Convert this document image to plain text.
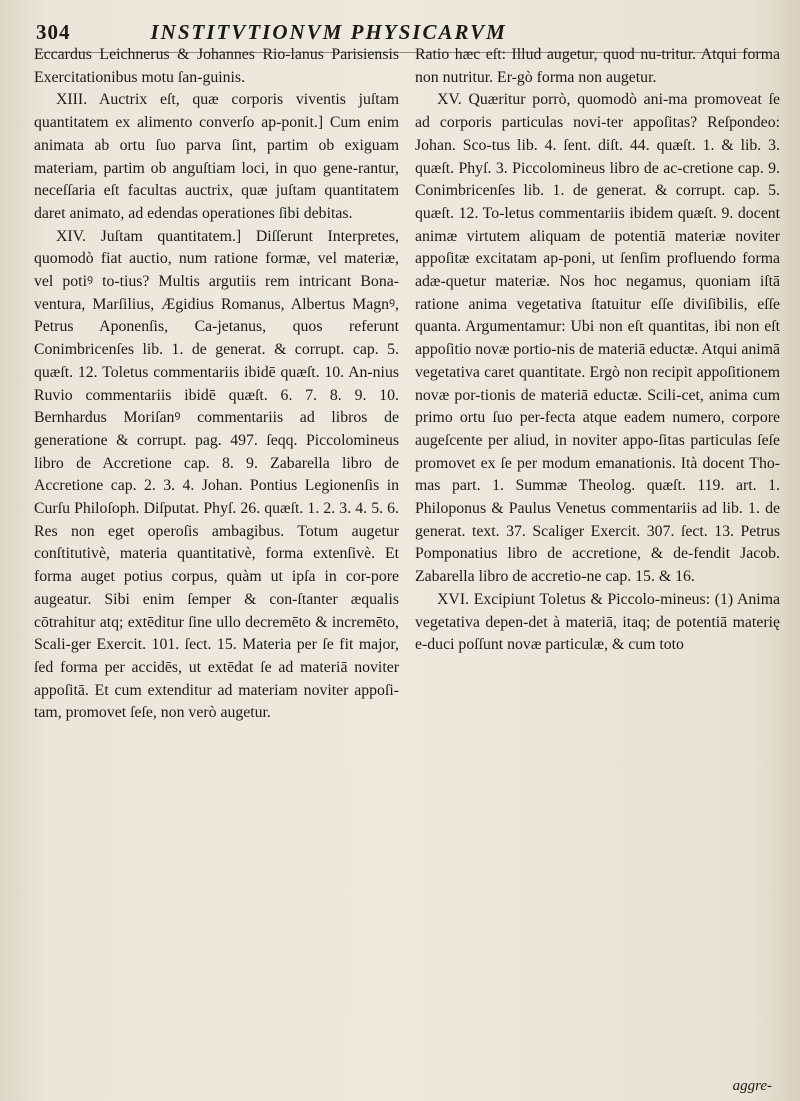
304	INSTITVTIONVM PHYSICARVM

Eccardus Leichnerus & Johannes Rio-lanus Parisiensis Exercitationibus motu ſan-guinis.

XIII. Auctrix eſt, quæ corporis viventis juſtam quantitatem ex alimento converſo ap-ponit.] Cum enim animata ab ortu ſuo parva ſint, partim ob exiguam materiam, partim ob anguſtiam loci, in quo gene-rantur, neceſſaria eſt facultas auctrix, quæ juſtam quantitatem daret animato, ad edendas operationes ſibi debitas.

XIV. Juſtam quantitatem.] Diſſerunt Interpretes, quomodò fiat auctio, num ratione formæ, vel materiæ, vel potiꝰ to-tius? Multis argutiis rem intricant Bona-ventura, Marſilius, Ægidius Romanus, Albertus Magnꝰ, Petrus Aponenſis, Ca-jetanus, quos referunt Conimbricenſes lib. 1. de generat. & corrupt. cap. 5. quæſt. 12. Toletus commentariis ibidē quæſt. 10. An-nius Ruvio commentariis ibidē quæſt. 6. 7. 8. 9. 10. Bernhardus Moriſanꝰ commentariis ad libros de generatione & corrupt. pag. 497. ſeqq. Piccolomineus libro de Accretione cap. 8. 9. Zabarella libro de Accretione cap. 2. 3. 4. Johan. Pontius Legionenſis in Curſu Philoſoph. Diſputat. Phyſ. 26. quæſt. 1. 2. 3. 4. 5. 6. Res non eget operoſis ambagibus. Totum augetur conſtitutivè, materia quantitativè, forma extenſivè. Et forma auget potius corpus, quàm ut ipſa in cor-pore augeatur. Sibi enim ſemper & con-ſtanter æqualis cōtrahitur atq; extēditur ſine ullo decremēto & incremēto, Scali-ger Exercit. 101. ſect. 15. Materia per ſe fit major, ſed forma per accidēs, ut extēdat ſe ad materiā noviter appoſitā. Et cum extenditur ad materiam noviter appoſi-tam, promovet ſeſe, non verò augetur.

Ratio hæc eſt: Illud augetur, quod nu-tritur. Atqui forma non nutritur. Er-gò forma non augetur.

XV. Quæritur porrò, quomodò ani-ma promoveat ſe ad corporis particulas novi-ter appoſitas? Reſpondeo: Johan. Sco-tus lib. 4. ſent. diſt. 44. quæſt. 1. & lib. 3. quæſt. Phyſ. 3. Piccolomineus libro de ac-cretione cap. 9. Conimbricenſes lib. 1. de generat. & corrupt. cap. 5. quæſt. 12. To-letus commentariis ibidem quæſt. 9. docent animæ virtutem aliquam de potentiā materiæ noviter appoſitæ excitatam ap-poni, ut ſenſim profluendo forma adæ-quetur materiæ. Nos hoc negamus, quoniam iſtā ratione anima vegetativa ſtatuitur eſſe diviſibilis, eſſe quanta. Argumentamur: Ubi non eſt quantitas, ibi non eſt appoſitio novæ portio-nis de materiā eductæ. Atqui animā vegetativa caret quantitate. Ergò non recipit appoſitionem novæ por-tionis de materiā eductæ. Scili-cet, anima cum primo ortu ſuo per-fecta atque eadem numero, corpore augeſcente per aliud, in noviter appo-ſitas particulas ſeſe promovet ex ſe per modum emanationis. Ità docent Tho-mas part. 1. Summæ Theolog. quæſt. 119. art. 1. Philoponus & Paulus Venetus commentariis ad lib. 1. de generat. text. 37. Scaliger Exercit. 307. ſect. 13. Petrus Pomponatius libro de accretione, & de-fendit Jacob. Zabarella libro de accretio-ne cap. 15. & 16.

XVI. Excipiunt Toletus & Piccolo-mineus: (1) Anima vegetativa depen-det à materiā, itaq; de potentiā materię e-duci poſſunt novæ particulæ, & cum toto

aggre-
